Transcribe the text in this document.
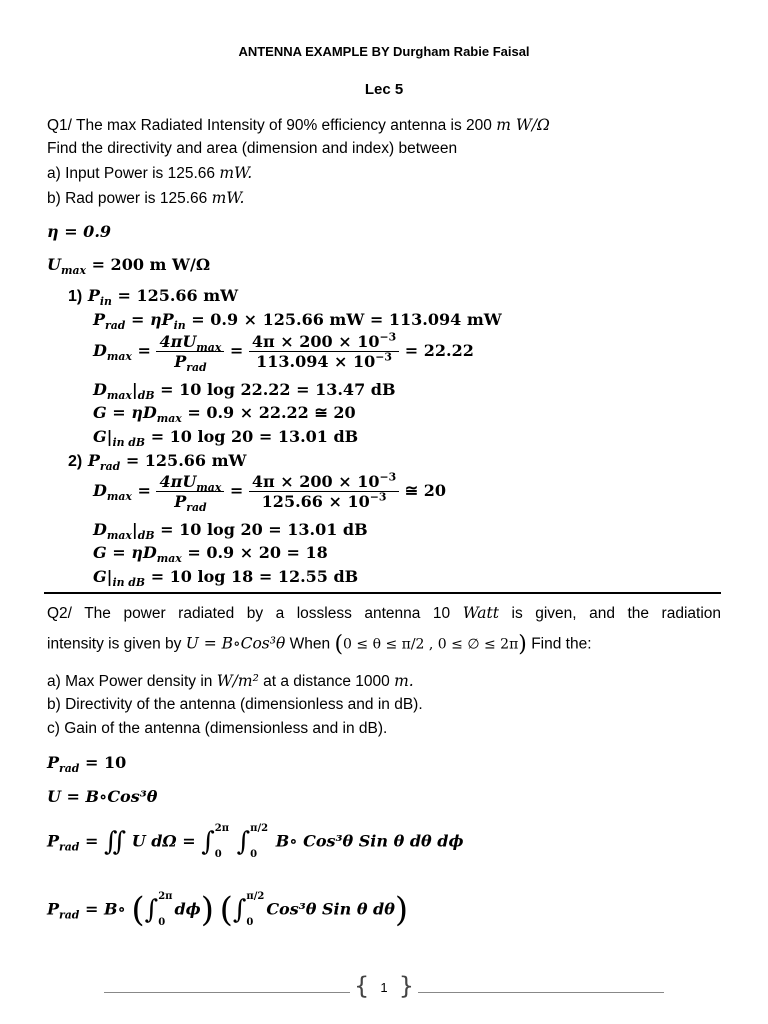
ANTENNA EXAMPLE BY Durgham Rabie Faisal
Lec 5
Q1/ The max Radiated Intensity of 90% efficiency antenna is 200 m W/Ω
Find the directivity and area (dimension and index) between
a) Input Power is 125.66 mW.
b) Rad power is 125.66 mW.
η = 0.9
$U_{max} = 200$ m W/Ω
1) $P_{in} = 125.66$ mW
$P_{rad} = \eta P_{in} = 0.9 \times 125.66$ mW = 113.094 mW
$D_{max} = \frac{4\pi U_{max}}{P_{rad}} = \frac{4\pi \times 200 \times 10^{-3}}{113.094 \times 10^{-3}} = 22.22$
$D_{max}|_{dB} = 10$ log 22.22 = 13.47 dB
$G = \eta D_{max} = 0.9 \times 22.22$ ≅ 20
$G|_{in dB} = 10$ log 20 = 13.01 dB
2) $P_{rad} = 125.66$ mW
$D_{max} = \frac{4\pi U_{max}}{P_{rad}} = \frac{4\pi \times 200 \times 10^{-3}}{125.66 \times 10^{-3}}$ ≅ 20
$D_{max}|_{dB} = 10$ log 20 = 13.01 dB
$G = \eta D_{max} = 0.9 \times 20 = 18$
$G|_{in dB} = 10$ log 18 = 12.55 dB
Q2/ The power radiated by a lossless antenna 10 Watt is given, and the radiation
intensity is given by U = B∘Cos³θ When (0 ≤ θ ≤ π/2 , 0 ≤ ∅ ≤ 2π) Find the:
a) Max Power density in W/m² at a distance 1000 m.
b) Directivity of the antenna (dimensionless and in dB).
c) Gain of the antenna (dimensionless and in dB).
$P_{rad} = 10$
U = B∘Cos³θ
$P_{rad}$ = ∬ U dΩ = ∫ 2π
0 ∫ π/2
0
B∘ Cos³θ Sin θ dθ dϕ
$P_{rad}$ = B∘ (∫ 2π
0
dϕ) (∫ π/2
0
Cos³θ Sin θ dθ)
{ 1 }
